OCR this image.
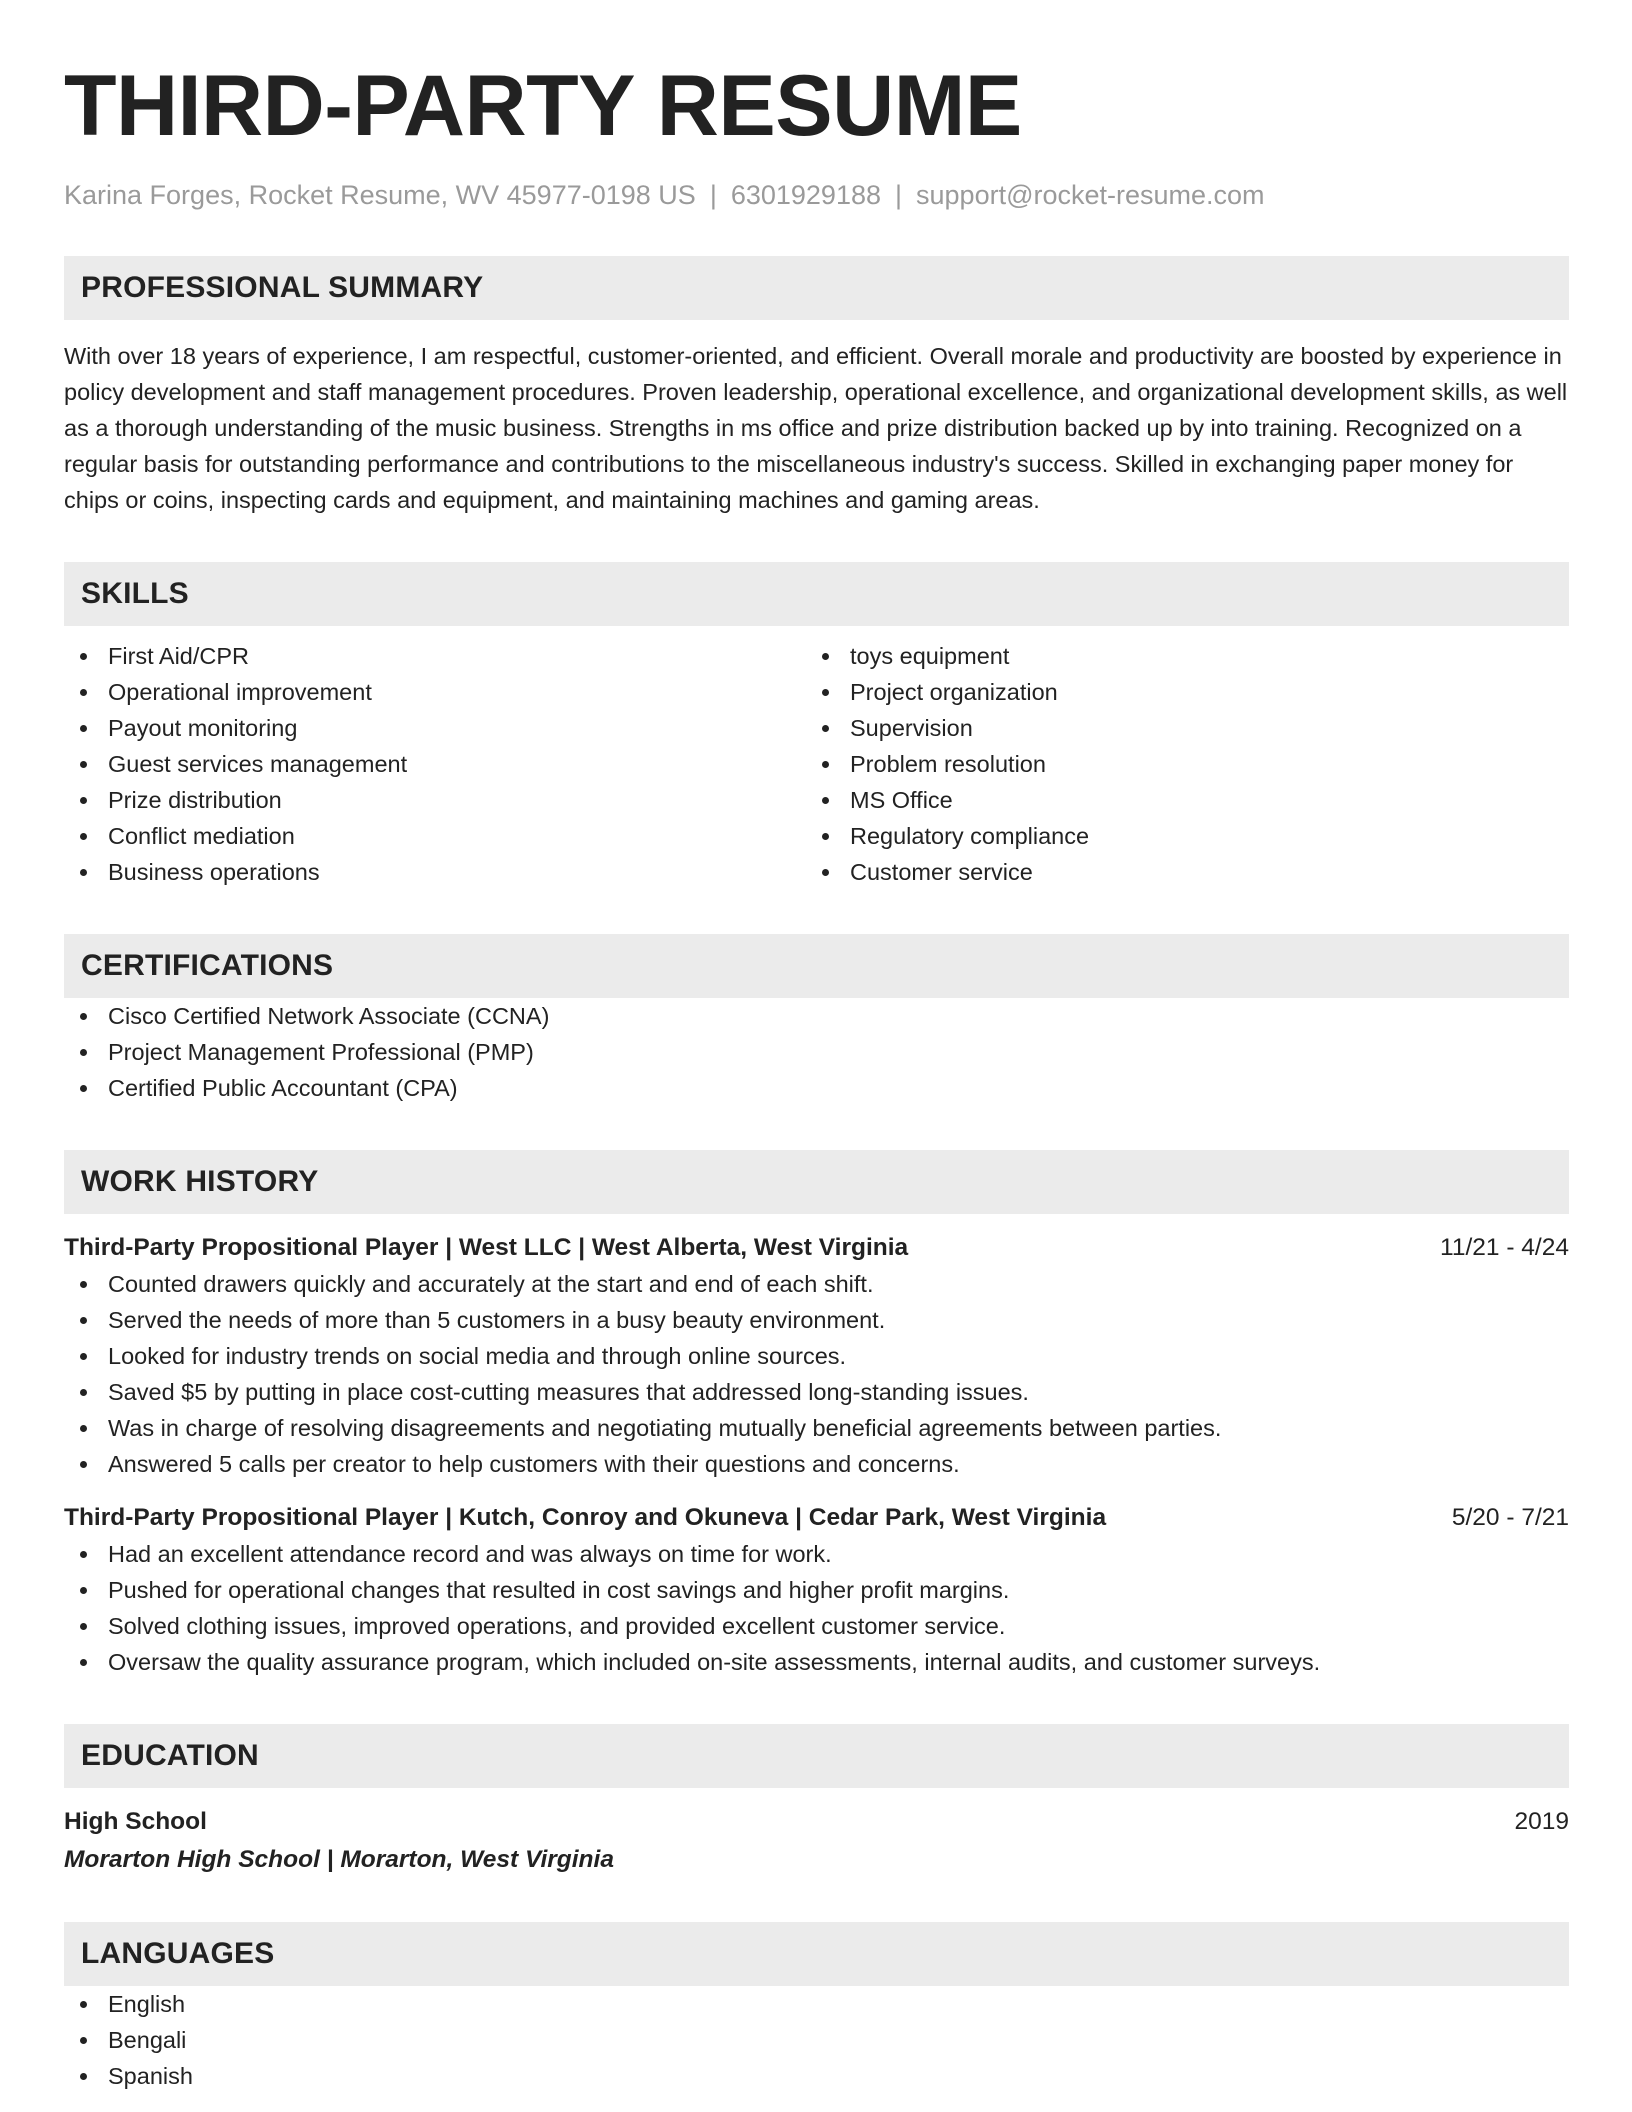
THIRD-PARTY RESUME
Karina Forges, Rocket Resume, WV 45977-0198 US | 6301929188 | support@rocket-resume.com
PROFESSIONAL SUMMARY
With over 18 years of experience, I am respectful, customer-oriented, and efficient. Overall morale and productivity are boosted by experience in policy development and staff management procedures. Proven leadership, operational excellence, and organizational development skills, as well as a thorough understanding of the music business. Strengths in ms office and prize distribution backed up by into training. Recognized on a regular basis for outstanding performance and contributions to the miscellaneous industry's success. Skilled in exchanging paper money for chips or coins, inspecting cards and equipment, and maintaining machines and gaming areas.
SKILLS
First Aid/CPR
Operational improvement
Payout monitoring
Guest services management
Prize distribution
Conflict mediation
Business operations
toys equipment
Project organization
Supervision
Problem resolution
MS Office
Regulatory compliance
Customer service
CERTIFICATIONS
Cisco Certified Network Associate (CCNA)
Project Management Professional (PMP)
Certified Public Accountant (CPA)
WORK HISTORY
Third-Party Propositional Player | West LLC | West Alberta, West Virginia	11/21 - 4/24
Counted drawers quickly and accurately at the start and end of each shift.
Served the needs of more than 5 customers in a busy beauty environment.
Looked for industry trends on social media and through online sources.
Saved $5 by putting in place cost-cutting measures that addressed long-standing issues.
Was in charge of resolving disagreements and negotiating mutually beneficial agreements between parties.
Answered 5 calls per creator to help customers with their questions and concerns.
Third-Party Propositional Player | Kutch, Conroy and Okuneva | Cedar Park, West Virginia	5/20 - 7/21
Had an excellent attendance record and was always on time for work.
Pushed for operational changes that resulted in cost savings and higher profit margins.
Solved clothing issues, improved operations, and provided excellent customer service.
Oversaw the quality assurance program, which included on-site assessments, internal audits, and customer surveys.
EDUCATION
High School	2019
Morarton High School | Morarton, West Virginia
LANGUAGES
English
Bengali
Spanish
